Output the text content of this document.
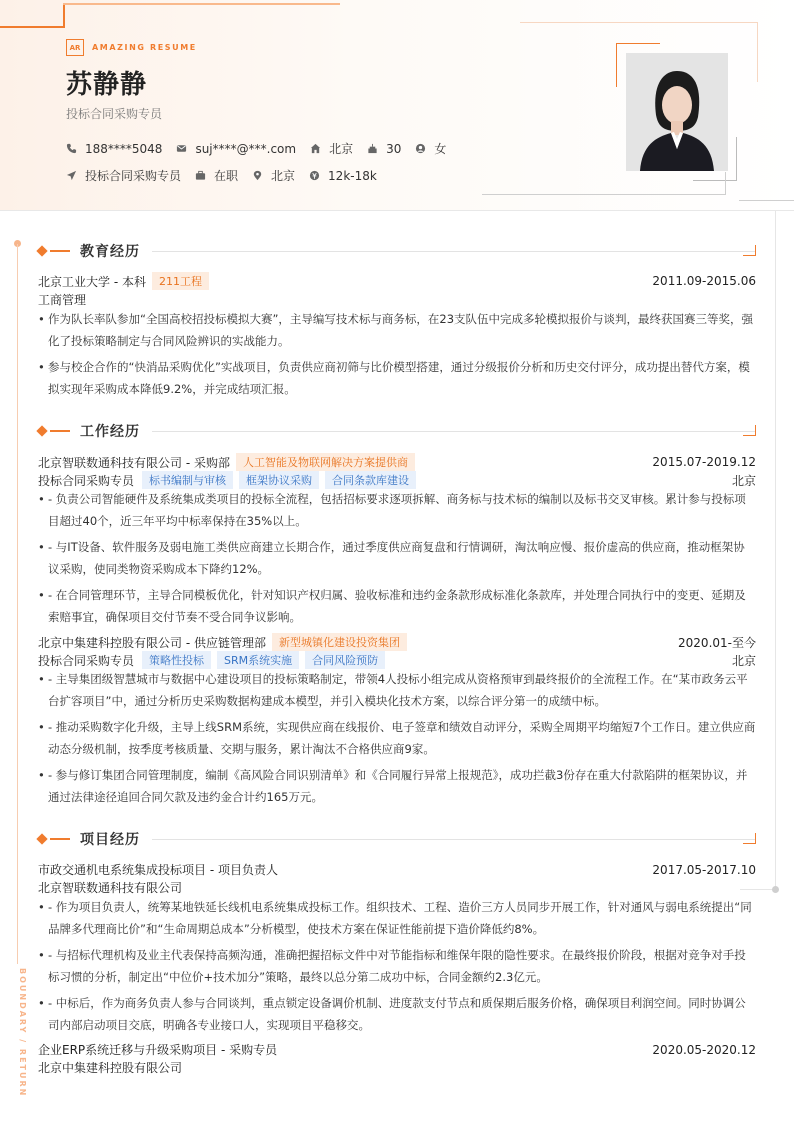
AR	AMAZING RESUME
苏静静
投标合同采购专员
188****5048	suj****@***.com	北京	30	女
投标合同采购专员	在职	北京	12k-18k
BOUNDARY / RETURN
教育经历
北京工业大学 - 本科	211工程	2011.09-2015.06
工商管理
• 作为队长率队参加“全国高校招投标模拟大赛”，主导编写技术标与商务标，在23支队伍中完成多轮模拟报价与谈判，最终获国赛三等奖，强化了投标策略制定与合同风险辨识的实战能力。
• 参与校企合作的“快消品采购优化”实战项目，负责供应商初筛与比价模型搭建，通过分级报价分析和历史交付评分，成功提出替代方案，模拟实现年采购成本降低9.2%，并完成结项汇报。
工作经历
北京智联数通科技有限公司 - 采购部	人工智能及物联网解决方案提供商	2015.07-2019.12
投标合同采购专员	标书编制与审核	框架协议采购	合同条款库建设	北京
• - 负责公司智能硬件及系统集成类项目的投标全流程，包括招标要求逐项拆解、商务标与技术标的编制以及标书交叉审核。累计参与投标项目超过40个，近三年平均中标率保持在35%以上。
• - 与IT设备、软件服务及弱电施工类供应商建立长期合作，通过季度供应商复盘和行情调研，淘汰响应慢、报价虚高的供应商，推动框架协议采购，使同类物资采购成本下降约12%。
• - 在合同管理环节，主导合同模板优化，针对知识产权归属、验收标准和违约金条款形成标准化条款库，并处理合同执行中的变更、延期及索赔事宜，确保项目交付节奏不受合同争议影响。
北京中集建科控股有限公司 - 供应链管理部	新型城镇化建设投资集团	2020.01-至今
投标合同采购专员	策略性投标	SRM系统实施	合同风险预防	北京
• - 主导集团级智慧城市与数据中心建设项目的投标策略制定，带领4人投标小组完成从资格预审到最终报价的全流程工作。在“某市政务云平台扩容项目”中，通过分析历史采购数据构建成本模型，并引入模块化技术方案，以综合评分第一的成绩中标。
• - 推动采购数字化升级，主导上线SRM系统，实现供应商在线报价、电子签章和绩效自动评分，采购全周期平均缩短7个工作日。建立供应商动态分级机制，按季度考核质量、交期与服务，累计淘汰不合格供应商9家。
• - 参与修订集团合同管理制度，编制《高风险合同识别清单》和《合同履行异常上报规范》，成功拦截3份存在重大付款陷阱的框架协议，并通过法律途径追回合同欠款及违约金合计约165万元。
项目经历
市政交通机电系统集成投标项目 - 项目负责人	2017.05-2017.10
北京智联数通科技有限公司
• - 作为项目负责人，统筹某地铁延长线机电系统集成投标工作。组织技术、工程、造价三方人员同步开展工作，针对通风与弱电系统提出“同品牌多代理商比价”和“生命周期总成本”分析模型，使技术方案在保证性能前提下造价降低约8%。
• - 与招标代理机构及业主代表保持高频沟通，准确把握招标文件中对节能指标和维保年限的隐性要求。在最终报价阶段，根据对竞争对手投标习惯的分析，制定出“中位价+技术加分”策略，最终以总分第二成功中标，合同金额约2.3亿元。
• - 中标后，作为商务负责人参与合同谈判，重点锁定设备调价机制、进度款支付节点和质保期后服务价格，确保项目利润空间。同时协调公司内部启动项目交底，明确各专业接口人，实现项目平稳移交。
企业ERP系统迁移与升级采购项目 - 采购专员	2020.05-2020.12
北京中集建科控股有限公司
